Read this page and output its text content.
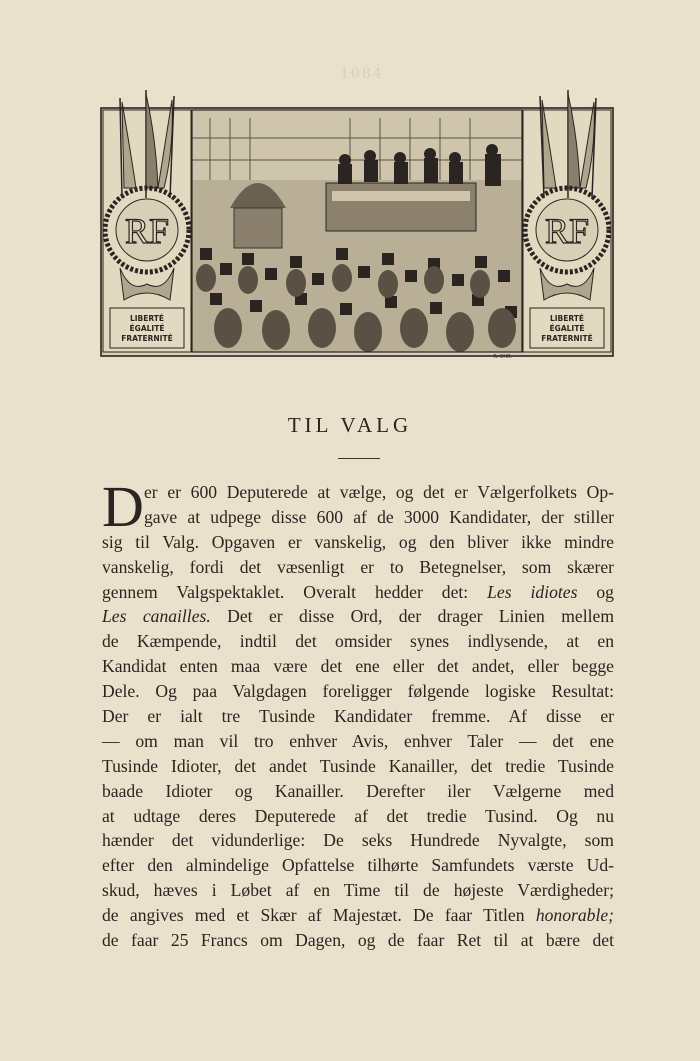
1084
RF
LIBERTÉ
ÉGALITÉ
FRATERNITÉ
RF
LIBERTÉ
ÉGALITÉ
FRATERNITÉ
R. CHR.
TIL VALG
D er er 600 Deputerede at vælge, og det er Vælgerfolkets Op-
gave at udpege disse 600 af de 3000 Kandidater, der stiller
sig til Valg. Opgaven er vanskelig, og den bliver ikke mindre
vanskelig, fordi det væsenligt er to Betegnelser, som skærer
gennem Valgspektaklet. Overalt hedder det: Les idiotes og
Les canailles. Det er disse Ord, der drager Linien mellem
de Kæmpende, indtil det omsider synes indlysende, at en
Kandidat enten maa være det ene eller det andet, eller begge
Dele. Og paa Valgdagen foreligger følgende logiske Resultat:
Der er ialt tre Tusinde Kandidater fremme. Af disse er
— om man vil tro enhver Avis, enhver Taler — det ene
Tusinde Idioter, det andet Tusinde Kanailler, det tredie Tusinde
baade Idioter og Kanailler. Derefter iler Vælgerne med
at udtage deres Deputerede af det tredie Tusind. Og nu
hænder det vidunderlige: De seks Hundrede Nyvalgte, som
efter den almindelige Opfattelse tilhørte Samfundets værste Ud-
skud, hæves i Løbet af en Time til de højeste Værdigheder;
de angives med et Skær af Majestæt. De faar Titlen honorable;
de faar 25 Francs om Dagen, og de faar Ret til at bære det
